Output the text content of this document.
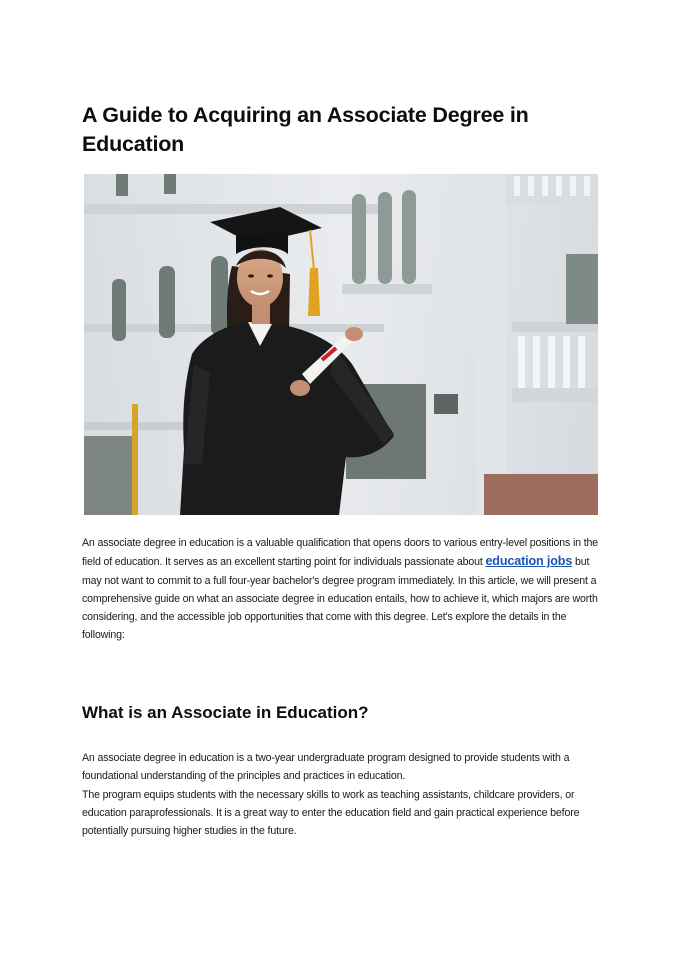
A Guide to Acquiring an Associate Degree in Education

An associate degree in education is a valuable qualification that opens doors to various entry-level positions in the field of education. It serves as an excellent starting point for individuals passionate about education jobs but may not want to commit to a full four-year bachelor's degree program immediately. In this article, we will present a comprehensive guide on what an associate degree in education entails, how to achieve it, which majors are worth considering, and the accessible job opportunities that come with this degree. Let's explore the details in the following:

What is an Associate in Education?

An associate degree in education is a two-year undergraduate program designed to provide students with a foundational understanding of the principles and practices in education.
The program equips students with the necessary skills to work as teaching assistants, childcare providers, or education paraprofessionals. It is a great way to enter the education field and gain practical experience before potentially pursuing higher studies in the future.
